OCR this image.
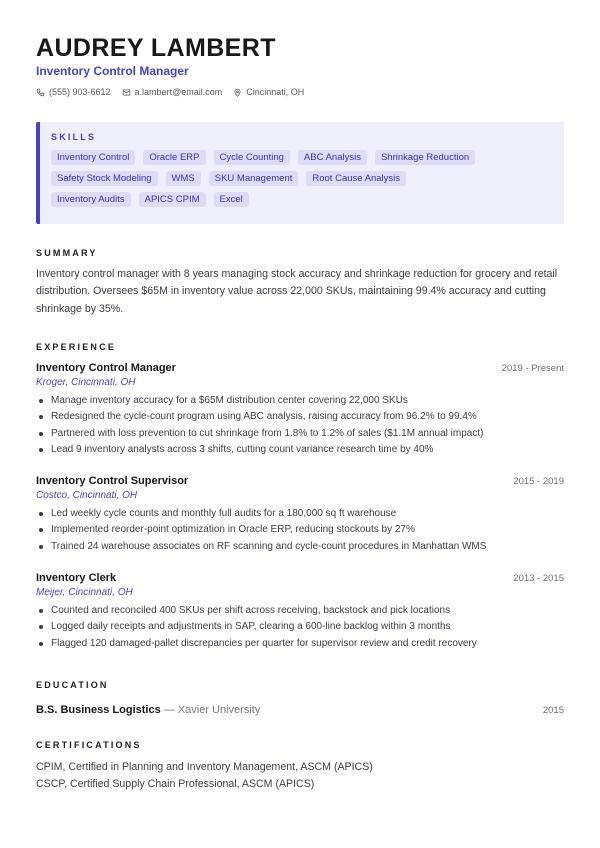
AUDREY LAMBERT
Inventory Control Manager
(555) 903-6612	a.lambert@email.com	Cincinnati, OH
SKILLS
Inventory Control	Oracle ERP	Cycle Counting	ABC Analysis	Shrinkage Reduction
Safety Stock Modeling	WMS	SKU Management	Root Cause Analysis
Inventory Audits	APICS CPIM	Excel
SUMMARY

Inventory control manager with 8 years managing stock accuracy and shrinkage reduction for grocery and retail distribution. Oversees $65M in inventory value across 22,000 SKUs, maintaining 99.4% accuracy and cutting shrinkage by 35%.

EXPERIENCE
Inventory Control Manager	2019 - Present
Kroger, Cincinnati, OH
Manage inventory accuracy for a $65M distribution center covering 22,000 SKUs
Redesigned the cycle-count program using ABC analysis, raising accuracy from 96.2% to 99.4%
Partnered with loss prevention to cut shrinkage from 1.8% to 1.2% of sales ($1.1M annual impact)
Lead 9 inventory analysts across 3 shifts, cutting count variance research time by 40%
Inventory Control Supervisor	2015 - 2019
Costco, Cincinnati, OH
Led weekly cycle counts and monthly full audits for a 180,000 sq ft warehouse
Implemented reorder-point optimization in Oracle ERP, reducing stockouts by 27%
Trained 24 warehouse associates on RF scanning and cycle-count procedures in Manhattan WMS
Inventory Clerk	2013 - 2015
Meijer, Cincinnati, OH
Counted and reconciled 400 SKUs per shift across receiving, backstock and pick locations
Logged daily receipts and adjustments in SAP, clearing a 600-line backlog within 3 months
Flagged 120 damaged-pallet discrepancies per quarter for supervisor review and credit recovery
EDUCATION
B.S. Business Logistics — Xavier University	2015
CERTIFICATIONS
CPIM, Certified in Planning and Inventory Management, ASCM (APICS)
CSCP, Certified Supply Chain Professional, ASCM (APICS)
